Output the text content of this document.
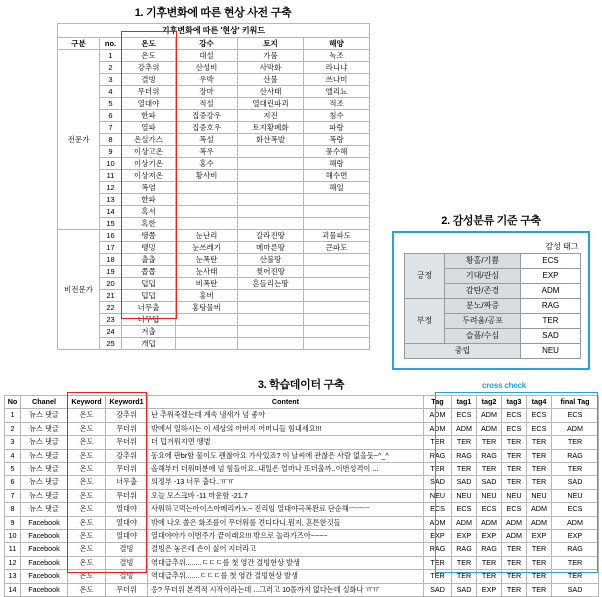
1. 기후변화에 따른 현상 사전 구축
기후변화에 따른 '현상' 키워드					
구분	no.	온도	강수	토지	해양
전문가	1	온도	대설	가뭄	녹조
	2	강추위	산성비	사막화	라니냐
	3	결빙	우박	산불	쓰나미
	4	무더위	장마	산사태	엘리뇨
	5	열대야	적설	열대린파괴	적조
	6	한파	집중강우	지진	침수
	7	열파	집중호우	토지황폐화	파랑
	8	온실가스	폭설	화산폭발	폭랑
	9	이상고온	폭우		풍수해
	10	이상기온	홍수		해랑
	11	이상저온	황사비		해수면
	12	폭염			해일
	13	한파			
	14	혹서			
	15	혹한			
비전문가	16	땡쯤	눈난리	갈라진땅	괴물파도
	17	땡밍	눈쓰레기	메마른땅	큰파도
	18	춥춥	눈폭탄	산불땅	
	19	쫍쫍	눈사태	찢어진땅	
	20	덥덥	비폭탄	흔들리는땅	
	21	덥덥	홍비		
	22	너무춥	홍탕물비		
	23	너무덥			
	24	겨춥			
	25	개덥			
2. 감성분류 기준 구축
감성 태그		
긍정	황홀/기쁨	ECS
	기대/관심	EXP
	감탄/존경	ADM
부정	분노/짜증	RAG
	두려움/공포	TER
	슬픔/수심	SAD
중립		NEU
3. 학습데이터 구축
No	Chanel	Keyword	Keyword1	Content	Tag	tag1	tag2	tag3	tag4	final Tag
1	뉴스 댓글	온도	강추위	난 추워죽겠는데 계속 냉새가 넘 좋아	ADM	ECS	ADM	ECS	ECS	ECS
2	뉴스 댓글	온도	무더위	밖에서 일하시는 이 세상의 아버지 어머니들 힘내세요!!!	ADM	ADM	ADM	ECS	ECS	ADM
3	뉴스 댓글	온도	무더위	더 덥겨워지면 땡볕	TER	TER	TER	TER	TER	TER
4	뉴스 댓글	온도	강추위	동요에 판br함 물이도 괜찮아요 가사있죠? 이 날씨에 관찮은 사람 없을듯~^_^	RAG	RAG	RAG	TER	TER	RAG
5	뉴스 댓글	온도	무더위	올해부터 더워떠분에 넘 힘들어요..내일은 얼마나 또더울까..이번성격이 ...	TER	TER	TER	TER	TER	TER
6	뉴스 댓글	온도	너무춥	의정부 -13 너무 춥다..ㅠㅠ	SAD	SAD	SAD	TER	TER	SAD
7	뉴스 댓글	온도	무더위	오늘 모스크바 -11 마운함 -21.7	NEU	NEU	NEU	NEU	NEU	NEU
8	뉴스 댓글	온도	열대야	사워하고먹는아이스아메리카노~ 진리임 열대야극복완료 단순해ㅡㅡㅡ	ECS	ECS	ECS	ECS	ADM	ECS
9	Facebook	온도	열대야	밖에 나오 쏠은 화조를이 무더워를 견디다니.뭔지, 흔튼한것들	ADM	ADM	ADM	ADM	ADM	ADM
10	Facebook	온도	열대야	열대야아가 이번주가 끝이래요!!! 밖으로 놀라가즈아~~~~	EXP	EXP	EXP	ADM	EXP	EXP
11	Facebook	온도	결빙	결빙은 놓은데 손이 싫어 지더라고	RAG	RAG	RAG	TER	TER	RAG
12	Facebook	온도	결빙	엮대급추위........ㄷㄷㄷ를 첫 영간 결빙현상 발생	TER	TER	TER	TER	TER	TER
13	Facebook	온도	결빙	역대급추위.......ㄷㄷㄷ를 첫 영간 결빙현상 발생	TER	TER	TER	TER	TER	TER
14	Facebook	온도	무더위	응? 무더위 본격적 시작이라는데 ...그러고 10몰까지 없다는데 실화나 ㅠㅠ	SAD	SAD	EXP	TER	TER	SAD
cross check
